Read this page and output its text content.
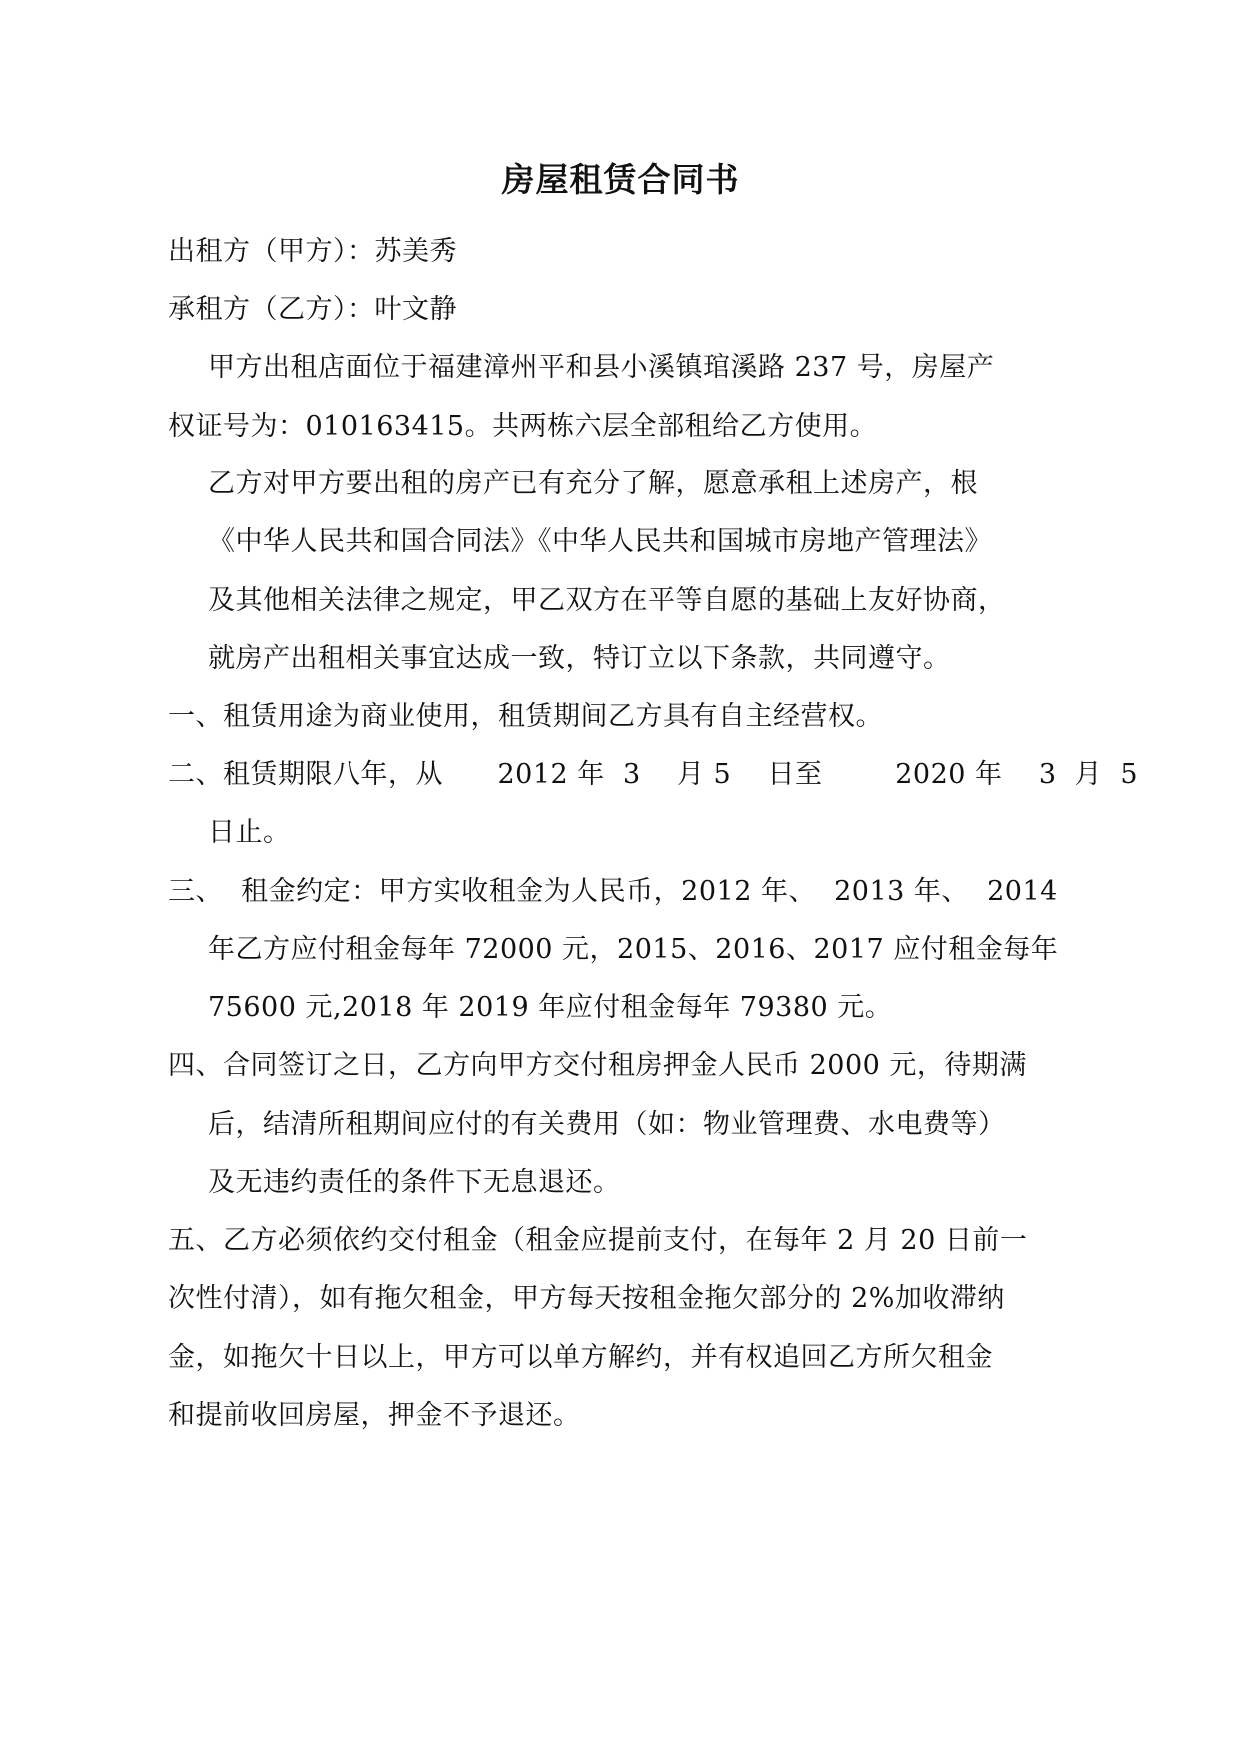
房屋租赁合同书
出租方（甲方）：苏美秀
承租方（乙方）：叶文静
甲方出租店面位于福建漳州平和县小溪镇琯溪路 237 号，房屋产
权证号为：010163415。共两栋六层全部租给乙方使用。
乙方对甲方要出租的房产已有充分了解，愿意承租上述房产，根
《中华人民共和国合同法》《中华人民共和国城市房地产管理法》
及其他相关法律之规定，甲乙双方在平等自愿的基础上友好协商，
就房产出租相关事宜达成一致，特订立以下条款，共同遵守。
一、租赁用途为商业使用，租赁期间乙方具有自主经营权。
二、租赁期限八年，从      2012 年  3    月 5    日至        2020 年    3  月  5
日止。
三、  租金约定：甲方实收租金为人民币，2012 年、  2013 年、  2014
年乙方应付租金每年 72000 元，2015、2016、2017 应付租金每年
75600 元,2018 年 2019 年应付租金每年 79380 元。
四、合同签订之日，乙方向甲方交付租房押金人民币 2000 元，待期满
后，结清所租期间应付的有关费用（如：物业管理费、水电费等）
及无违约责任的条件下无息退还。
五、乙方必须依约交付租金（租金应提前支付，在每年 2 月 20 日前一
次性付清），如有拖欠租金，甲方每天按租金拖欠部分的 2%加收滞纳
金，如拖欠十日以上，甲方可以单方解约，并有权追回乙方所欠租金
和提前收回房屋，押金不予退还。
